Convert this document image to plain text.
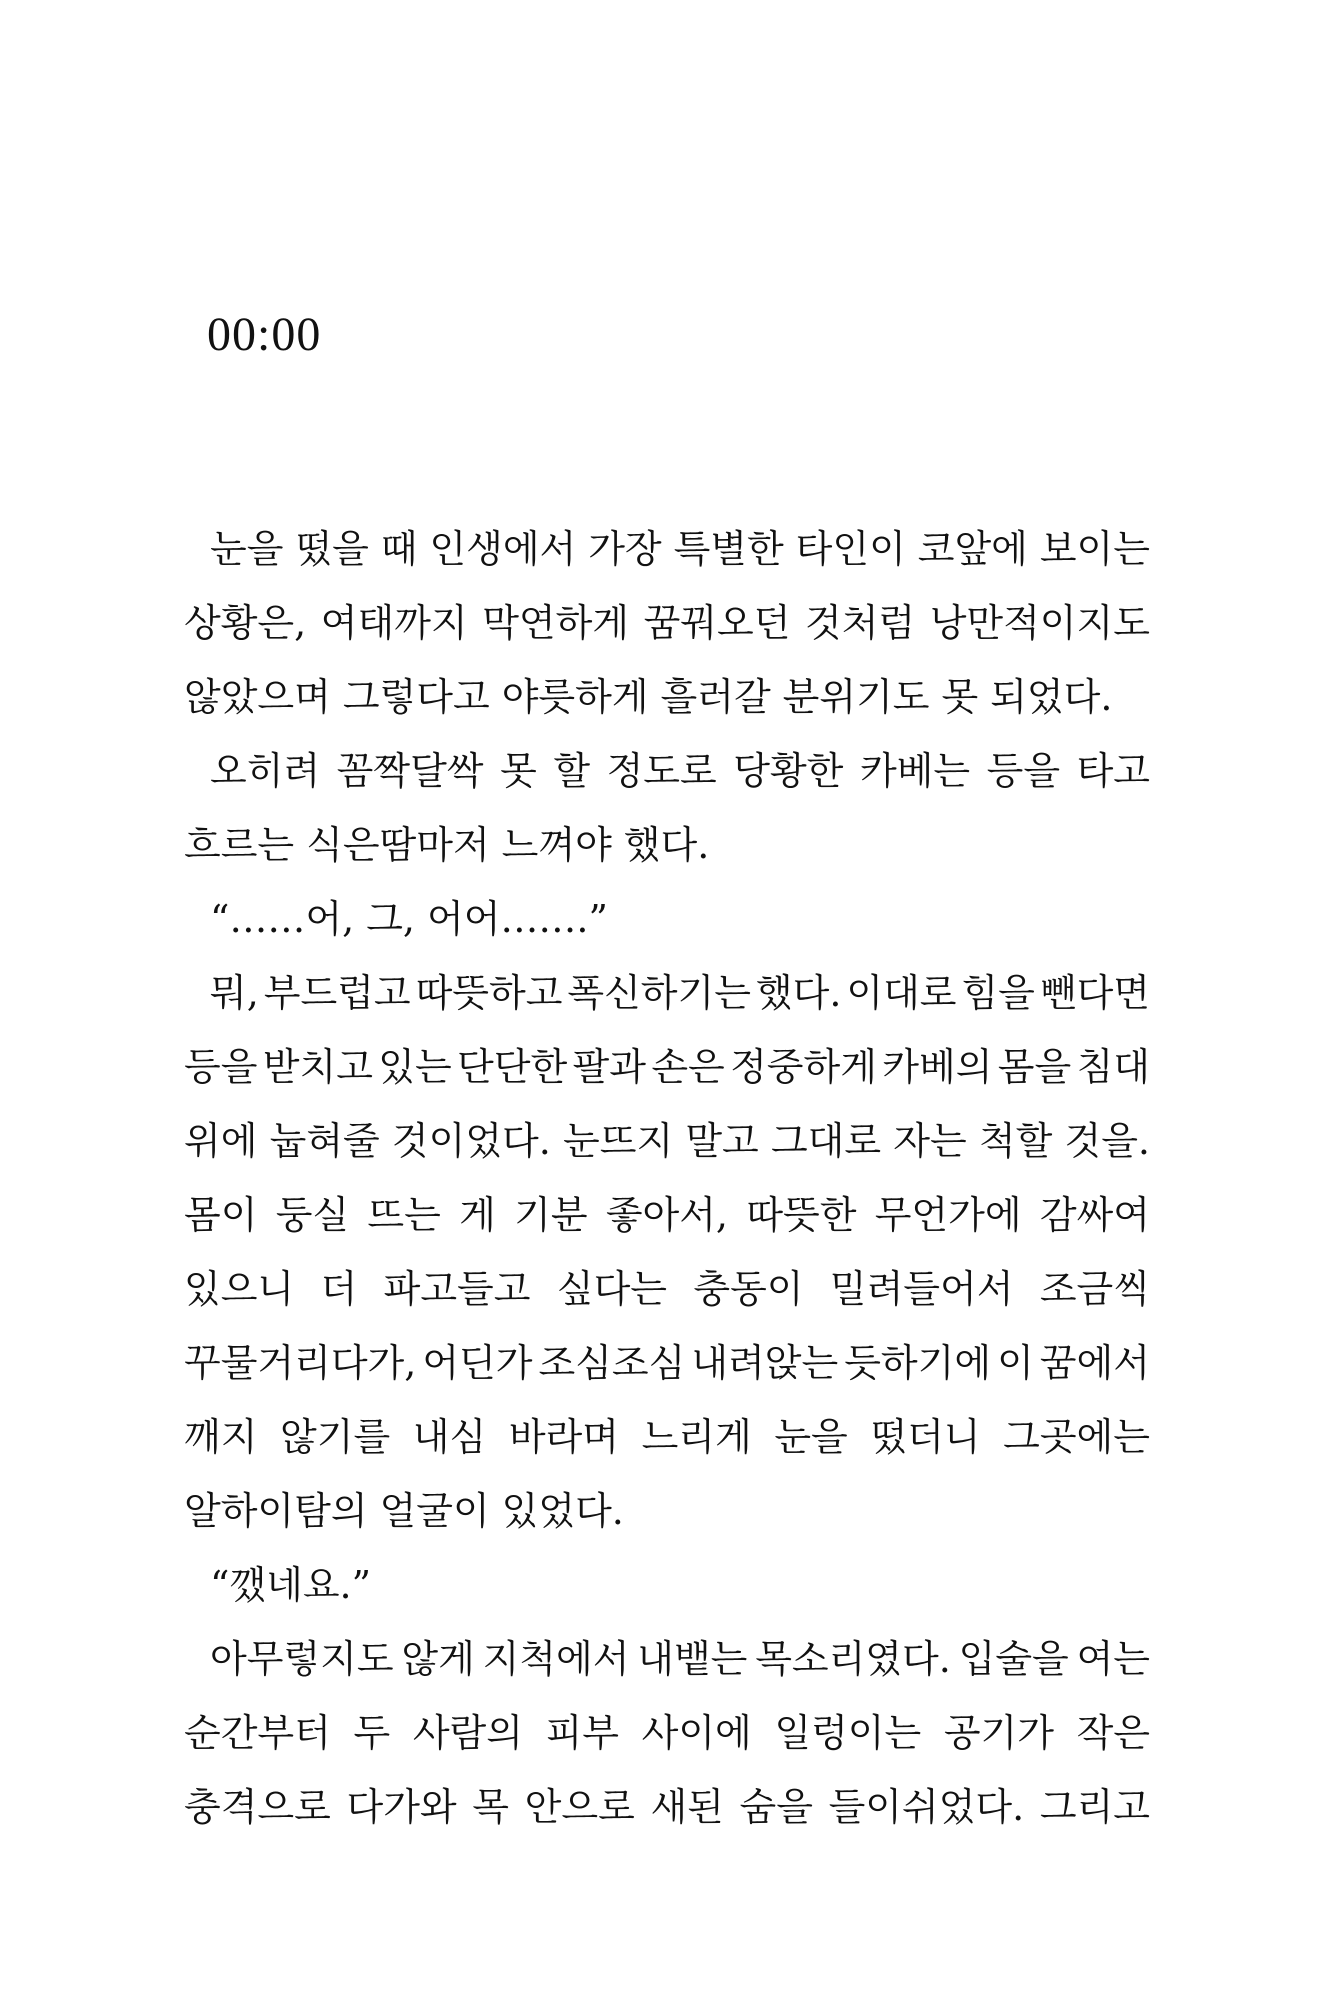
00:00
눈을 떴을 때 인생에서 가장 특별한 타인이 코앞에 보이는
상황은, 여태까지 막연하게 꿈꿔오던 것처럼 낭만적이지도
않았으며 그렇다고 야릇하게 흘러갈 분위기도 못 되었다.
오히려 꼼짝달싹 못 할 정도로 당황한 카베는 등을 타고
흐르는 식은땀마저 느껴야 했다.
“……어, 그, 어어…….”
뭐, 부드럽고 따뜻하고 폭신하기는 했다. 이대로 힘을 뺀다면
등을 받치고 있는 단단한 팔과 손은 정중하게 카베의 몸을 침대
위에 눕혀줄 것이었다. 눈뜨지 말고 그대로 자는 척할 것을.
몸이 둥실 뜨는 게 기분 좋아서, 따뜻한 무언가에 감싸여
있으니 더 파고들고 싶다는 충동이 밀려들어서 조금씩
꾸물거리다가, 어딘가 조심조심 내려앉는 듯하기에 이 꿈에서
깨지 않기를 내심 바라며 느리게 눈을 떴더니 그곳에는
알하이탐의 얼굴이 있었다.
“깼네요.”
아무렇지도 않게 지척에서 내뱉는 목소리였다. 입술을 여는
순간부터 두 사람의 피부 사이에 일렁이는 공기가 작은
충격으로 다가와 목 안으로 새된 숨을 들이쉬었다. 그리고
